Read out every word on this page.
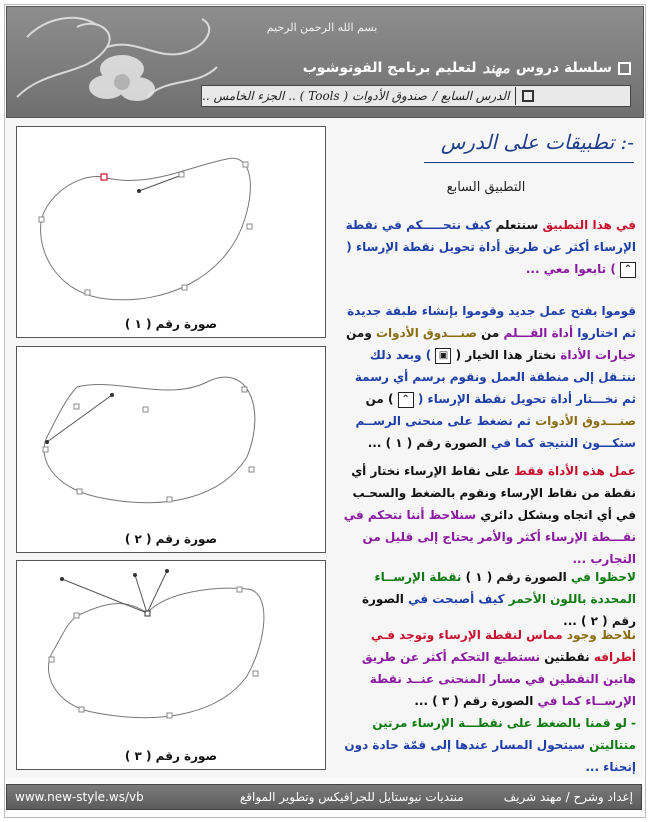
بسم الله الرحمن الرحيم
سلسلة دروس
مهند
لتعليم برنامج الفوتوشوب
الدرس السابع /
صندوق الأدوات ( Tools ) .. الجزء الخامس ..
تطبيقات على الدرس :-
التطبيق السابع
صورة رقم ( ١ )
صورة رقم ( ٢ )
صورة رقم ( ٣ )
في هذا التطبيق سنتعلم كيف نتحـــــكم في نقطة الإرساء أكثر عن طريق أداة تحويل نقطة الإرساء ( ⌃ ) تابعوا معي ...
قوموا بفتح عمل جديد وقوموا بإنشاء طبقة جديدة ثم اختاروا أداة القـــلم من صنـــدوق الأدوات ومن خيارات الأداة نختار هذا الخيار ( ▣ ) وبعد ذلك ننتـقل إلى منطقة العمل ونقوم برسم أي رسمة ثم نخـــتار أداة تحويل نقطة الإرساء ( ⌃ ) من صنـــدوق الأدوات ثم نضغط على منحنى الرســم ستكـــون النتيجة كما في الصورة رقم ( ١ ) ...
عمل هذه الأداة فقط على نقاط الإرساء نختار أي نقطة من نقاط الإرساء ونقوم بالضغط والسحـب في أي اتجاه وبشكل دائري سنلاحظ أننا نتحكم في نقـــطة الإرساء أكثر والأمر يحتاج إلى قليل من التجارب ...
لاحظوا في الصورة رقم ( ١ ) نقطة الإرســاء المحددة باللون الأحمر كيف أصبحت في الصورة رقم ( ٢ ) ...
نلاحظ وجود مماس لنقطة الإرساء وتوجد فـي أطرافه نقطتين نستطيع التحكم أكثر عن طريق هاتين النقطين في مسار المنحنى عنــد نقطة الإرســاء كما في الصورة رقم ( ٣ ) ...
- لو قمنا بالضغط على نقطـــة الإرساء مرتين متتاليتن سيتحول المسار عندها إلى قمّة حادة دون إنحناء ...
www.new-style.ws/vb	إعداد وشرح / مهند شريف
منتديات نيوستايل للجرافيكس وتطوير المواقع
